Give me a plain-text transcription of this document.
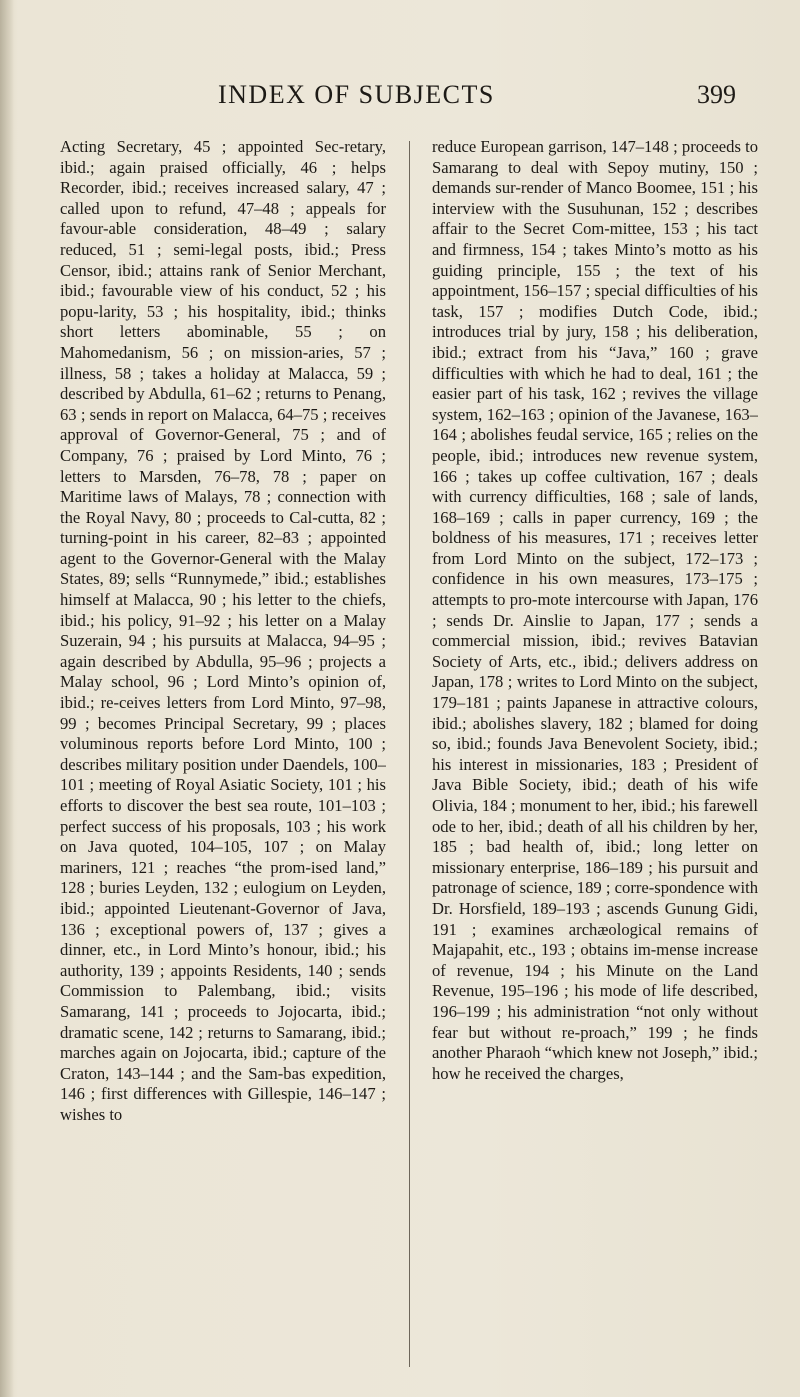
INDEX OF SUBJECTS	399
Acting Secretary, 45 ; appointed Sec-retary, ibid.; again praised officially, 46 ; helps Recorder, ibid.; receives increased salary, 47 ; called upon to refund, 47–48 ; appeals for favour-able consideration, 48–49 ; salary reduced, 51 ; semi-legal posts, ibid.; Press Censor, ibid.; attains rank of Senior Merchant, ibid.; favourable view of his conduct, 52 ; his popu-larity, 53 ; his hospitality, ibid.; thinks short letters abominable, 55 ; on Mahomedanism, 56 ; on mission-aries, 57 ; illness, 58 ; takes a holiday at Malacca, 59 ; described by Abdulla, 61–62 ; returns to Penang, 63 ; sends in report on Malacca, 64–75 ; receives approval of Governor-General, 75 ; and of Company, 76 ; praised by Lord Minto, 76 ; letters to Marsden, 76–78, 78 ; paper on Maritime laws of Malays, 78 ; connection with the Royal Navy, 80 ; proceeds to Cal-cutta, 82 ; turning-point in his career, 82–83 ; appointed agent to the Governor-General with the Malay States, 89; sells “Runnymede,” ibid.; establishes himself at Malacca, 90 ; his letter to the chiefs, ibid.; his policy, 91–92 ; his letter on a Malay Suzerain, 94 ; his pursuits at Malacca, 94–95 ; again described by Abdulla, 95–96 ; projects a Malay school, 96 ; Lord Minto’s opinion of, ibid.; re-ceives letters from Lord Minto, 97–98, 99 ; becomes Principal Secretary, 99 ; places voluminous reports before Lord Minto, 100 ; describes military position under Daendels, 100–101 ; meeting of Royal Asiatic Society, 101 ; his efforts to discover the best sea route, 101–103 ; perfect success of his proposals, 103 ; his work on Java quoted, 104–105, 107 ; on Malay mariners, 121 ; reaches “the prom-ised land,” 128 ; buries Leyden, 132 ; eulogium on Leyden, ibid.; appointed Lieutenant-Governor of Java, 136 ; exceptional powers of, 137 ; gives a dinner, etc., in Lord Minto’s honour, ibid.; his authority, 139 ; appoints Residents, 140 ; sends Commission to Palembang, ibid.; visits Samarang, 141 ; proceeds to Jojocarta, ibid.; dramatic scene, 142 ; returns to Samarang, ibid.; marches again on Jojocarta, ibid.; capture of the Craton, 143–144 ; and the Sam-bas expedition, 146 ; first differences with Gillespie, 146–147 ; wishes to
reduce European garrison, 147–148 ; proceeds to Samarang to deal with Sepoy mutiny, 150 ; demands sur-render of Manco Boomee, 151 ; his interview with the Susuhunan, 152 ; describes affair to the Secret Com-mittee, 153 ; his tact and firmness, 154 ; takes Minto’s motto as his guiding principle, 155 ; the text of his appointment, 156–157 ; special difficulties of his task, 157 ; modifies Dutch Code, ibid.; introduces trial by jury, 158 ; his deliberation, ibid.; extract from his “Java,” 160 ; grave difficulties with which he had to deal, 161 ; the easier part of his task, 162 ; revives the village system, 162–163 ; opinion of the Javanese, 163–164 ; abolishes feudal service, 165 ; relies on the people, ibid.; introduces new revenue system, 166 ; takes up coffee cultivation, 167 ; deals with currency difficulties, 168 ; sale of lands, 168–169 ; calls in paper currency, 169 ; the boldness of his measures, 171 ; receives letter from Lord Minto on the subject, 172–173 ; confidence in his own measures, 173–175 ; attempts to pro-mote intercourse with Japan, 176 ; sends Dr. Ainslie to Japan, 177 ; sends a commercial mission, ibid.; revives Batavian Society of Arts, etc., ibid.; delivers address on Japan, 178 ; writes to Lord Minto on the subject, 179–181 ; paints Japanese in attractive colours, ibid.; abolishes slavery, 182 ; blamed for doing so, ibid.; founds Java Benevolent Society, ibid.; his interest in missionaries, 183 ; President of Java Bible Society, ibid.; death of his wife Olivia, 184 ; monument to her, ibid.; his farewell ode to her, ibid.; death of all his children by her, 185 ; bad health of, ibid.; long letter on missionary enterprise, 186–189 ; his pursuit and patronage of science, 189 ; corre-spondence with Dr. Horsfield, 189–193 ; ascends Gunung Gidi, 191 ; examines archæological remains of Majapahit, etc., 193 ; obtains im-mense increase of revenue, 194 ; his Minute on the Land Revenue, 195–196 ; his mode of life described, 196–199 ; his administration “not only without fear but without re-proach,” 199 ; he finds another Pharaoh “which knew not Joseph,” ibid.; how he received the charges,
